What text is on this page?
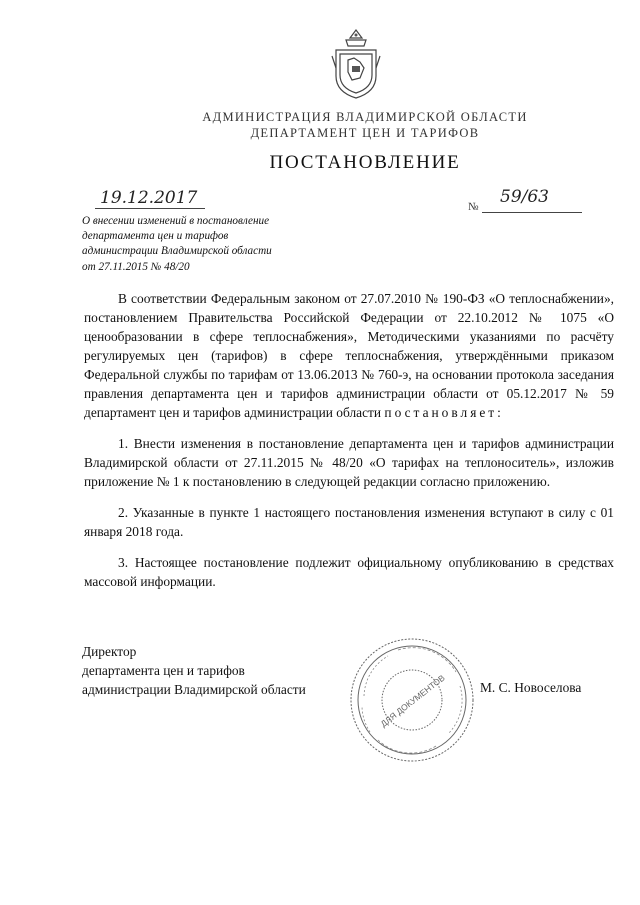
АДМИНИСТРАЦИЯ ВЛАДИМИРСКОЙ ОБЛАСТИ
ДЕПАРТАМЕНТ ЦЕН И ТАРИФОВ
ПОСТАНОВЛЕНИЕ
19.12.2017	№ 59/63
О внесении изменений в постановление
департамента цен и тарифов
администрации Владимирской области
от 27.11.2015 № 48/20

В соответствии Федеральным законом от 27.07.2010 № 190-ФЗ «О теплоснабжении», постановлением Правительства Российской Федерации от 22.10.2012 № 1075 «О ценообразовании в сфере теплоснабжения», Методическими указаниями по расчёту регулируемых цен (тарифов) в сфере теплоснабжения, утверждёнными приказом Федеральной службы по тарифам от 13.06.2013 № 760-э, на основании протокола заседания правления департамента цен и тарифов администрации области от 05.12.2017 № 59 департамент цен и тарифов администрации области постановляет:

1. Внести изменения в постановление департамента цен и тарифов администрации Владимирской области от 27.11.2015 № 48/20 «О тарифах на теплоноситель», изложив приложение № 1 к постановлению в следующей редакции согласно приложению.

2. Указанные в пункте 1 настоящего постановления изменения вступают в силу с 01 января 2018 года.

3. Настоящее постановление подлежит официальному опубликованию в средствах массовой информации.

Директор
департамента цен и тарифов
администрации Владимирской области	ДЛЯ ДОКУМЕНТОВ М. С. Новоселова
